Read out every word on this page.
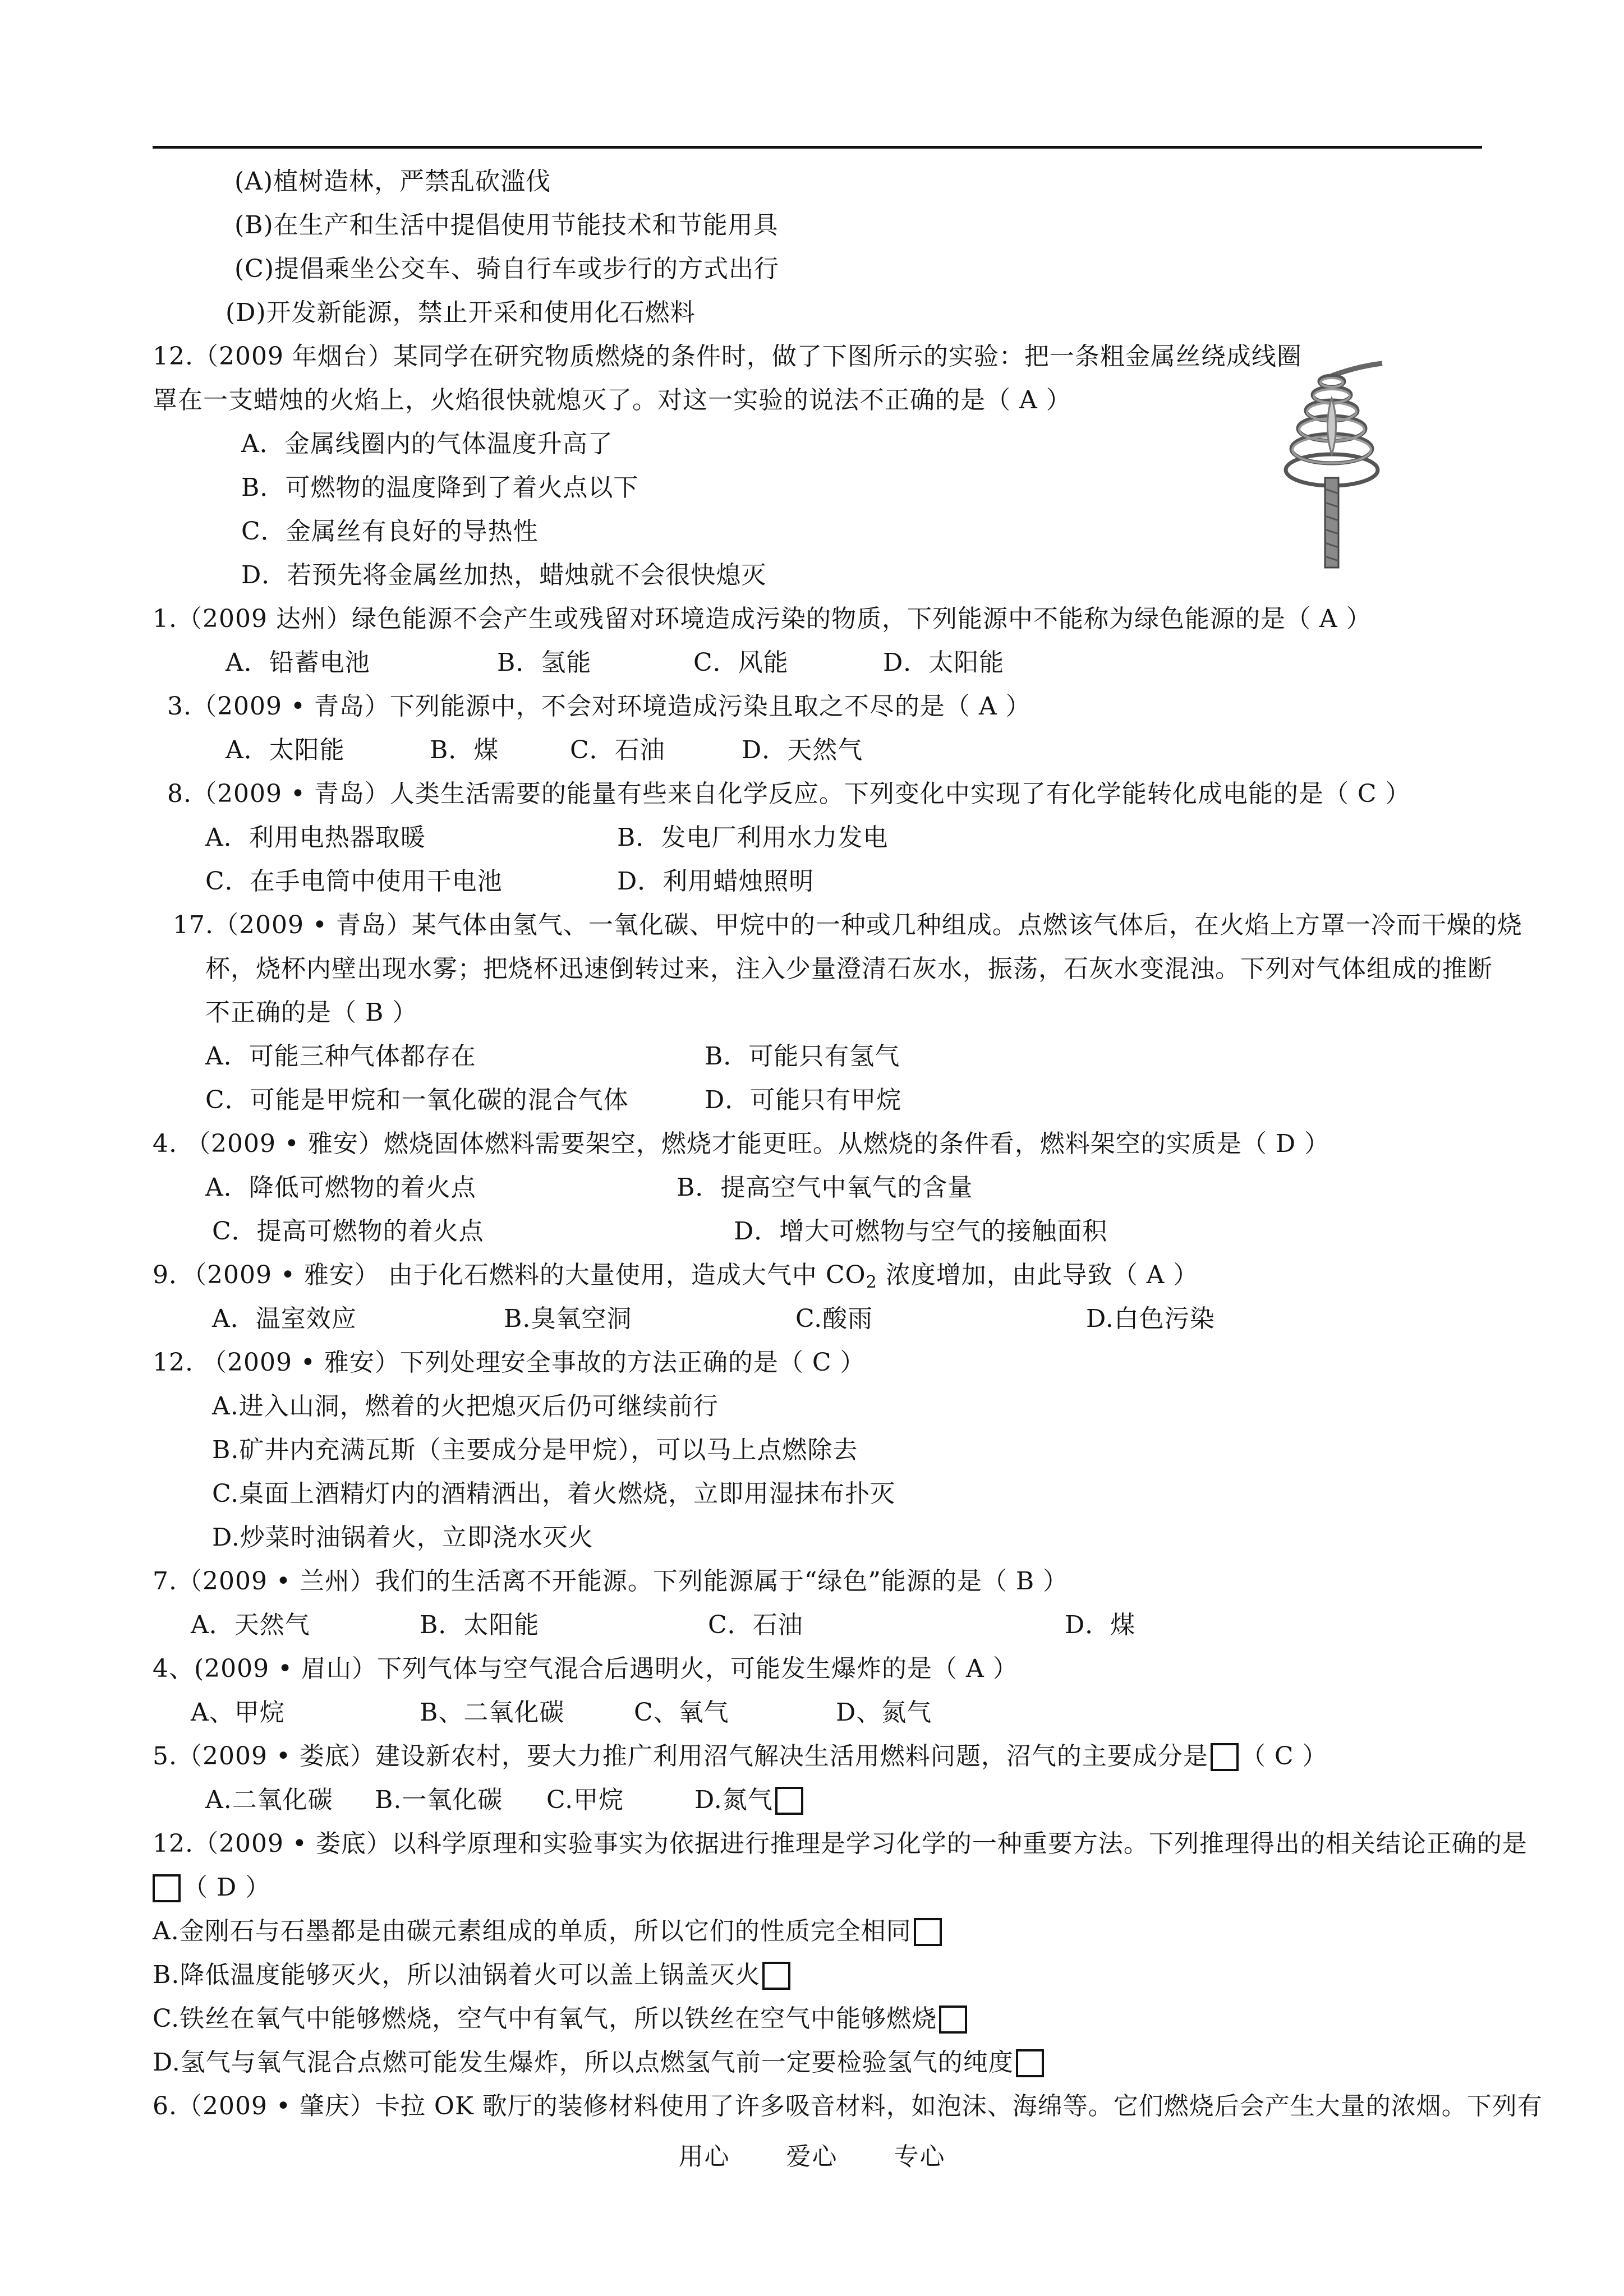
(A)植树造林，严禁乱砍滥伐
(B)在生产和生活中提倡使用节能技术和节能用具
(C)提倡乘坐公交车、骑自行车或步行的方式出行
(D)开发新能源，禁止开采和使用化石燃料
12.（2009 年烟台）某同学在研究物质燃烧的条件时，做了下图所示的实验：把一条粗金属丝绕成线圈
罩在一支蜡烛的火焰上，火焰很快就熄灭了。对这一实验的说法不正确的是（ A ）
A．金属线圈内的气体温度升高了
B．可燃物的温度降到了着火点以下
C．金属丝有良好的导热性
D．若预先将金属丝加热，蜡烛就不会很快熄灭
1.（2009 达州）绿色能源不会产生或残留对环境造成污染的物质，下列能源中不能称为绿色能源的是（ A ）
A．铅蓄电池	B．氢能	C．风能	D．太阳能
3.（2009 • 青岛）下列能源中，不会对环境造成污染且取之不尽的是（ A ）
A．太阳能	B．煤	C．石油	D．天然气
8.（2009 • 青岛）人类生活需要的能量有些来自化学反应。下列变化中实现了有化学能转化成电能的是（ C ）
A．利用电热器取暖	B．发电厂利用水力发电
C．在手电筒中使用干电池	D．利用蜡烛照明
17.（2009 • 青岛）某气体由氢气、一氧化碳、甲烷中的一种或几种组成。点燃该气体后，在火焰上方罩一冷而干燥的烧
杯，烧杯内壁出现水雾；把烧杯迅速倒转过来，注入少量澄清石灰水，振荡，石灰水变混浊。下列对气体组成的推断
不正确的是（ B ）
A．可能三种气体都存在	B．可能只有氢气
C．可能是甲烷和一氧化碳的混合气体	D．可能只有甲烷
4. （2009 • 雅安）燃烧固体燃料需要架空，燃烧才能更旺。从燃烧的条件看，燃料架空的实质是（ D ）
A．降低可燃物的着火点	B．提高空气中氧气的含量
C．提高可燃物的着火点	D．增大可燃物与空气的接触面积
9．（2009 • 雅安） 由于化石燃料的大量使用，造成大气中 $CO_2$ 浓度增加，由此导致（ A ）
A．温室效应	B.臭氧空洞	C.酸雨	D.白色污染
12. （2009 • 雅安）下列处理安全事故的方法正确的是（ C ）
A.进入山洞，燃着的火把熄灭后仍可继续前行
B.矿井内充满瓦斯（主要成分是甲烷），可以马上点燃除去
C.桌面上酒精灯内的酒精洒出，着火燃烧，立即用湿抹布扑灭
D.炒菜时油锅着火，立即浇水灭火
7.（2009 • 兰州）我们的生活离不开能源。下列能源属于“绿色”能源的是（ B ）
A．天然气	B．太阳能	C．石油	D．煤
4、(2009 • 眉山）下列气体与空气混合后遇明火，可能发生爆炸的是（ A ）
A、甲烷	B、二氧化碳	C、氧气	D、氮气
5.（2009 • 娄底）建设新农村，要大力推广利用沼气解决生活用燃料问题，沼气的主要成分是 （ C ）
A.二氧化碳 B.一氧化碳 C.甲烷	D.氮气
12.（2009 • 娄底）以科学原理和实验事实为依据进行推理是学习化学的一种重要方法。下列推理得出的相关结论正确的是
（ D ）
A.金刚石与石墨都是由碳元素组成的单质，所以它们的性质完全相同
B.降低温度能够灭火，所以油锅着火可以盖上锅盖灭火
C.铁丝在氧气中能够燃烧，空气中有氧气，所以铁丝在空气中能够燃烧
D.氢气与氧气混合点燃可能发生爆炸，所以点燃氢气前一定要检验氢气的纯度
6.（2009 • 肇庆）卡拉 OK 歌厅的装修材料使用了许多吸音材料，如泡沫、海绵等。它们燃烧后会产生大量的浓烟。下列有
用心 爱心 专心
